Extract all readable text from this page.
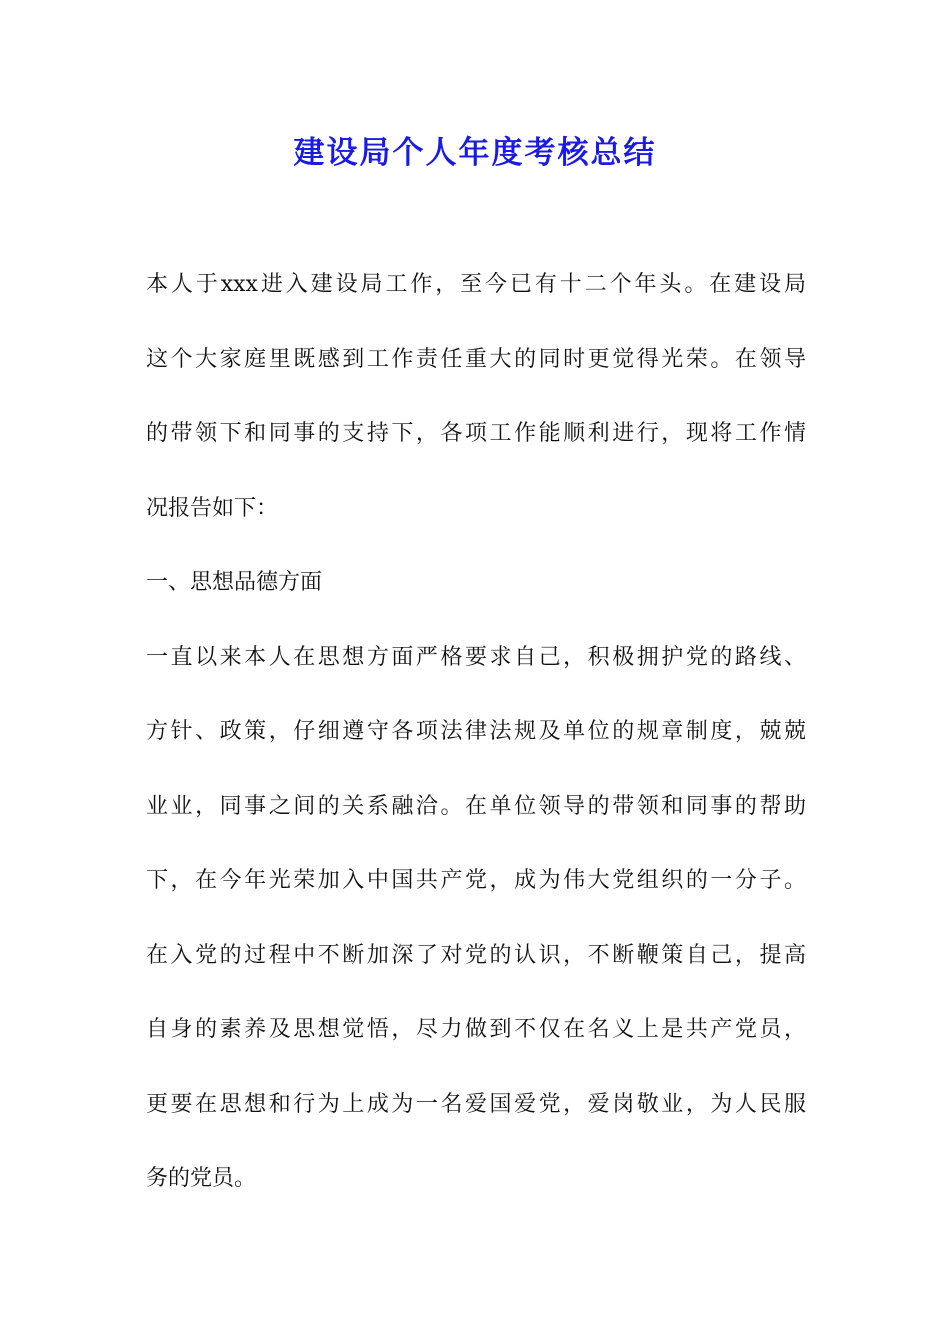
建设局个人年度考核总结
本人于xxx进入建设局工作，至今已有十二个年头。在建设局
这个大家庭里既感到工作责任重大的同时更觉得光荣。在领导
的带领下和同事的支持下，各项工作能顺利进行，现将工作情
况报告如下：
一、思想品德方面
一直以来本人在思想方面严格要求自己，积极拥护党的路线、
方针、政策，仔细遵守各项法律法规及单位的规章制度，兢兢
业业，同事之间的关系融洽。在单位领导的带领和同事的帮助
下，在今年光荣加入中国共产党，成为伟大党组织的一分子。
在入党的过程中不断加深了对党的认识，不断鞭策自己，提高
自身的素养及思想觉悟，尽力做到不仅在名义上是共产党员，
更要在思想和行为上成为一名爱国爱党，爱岗敬业，为人民服
务的党员。
